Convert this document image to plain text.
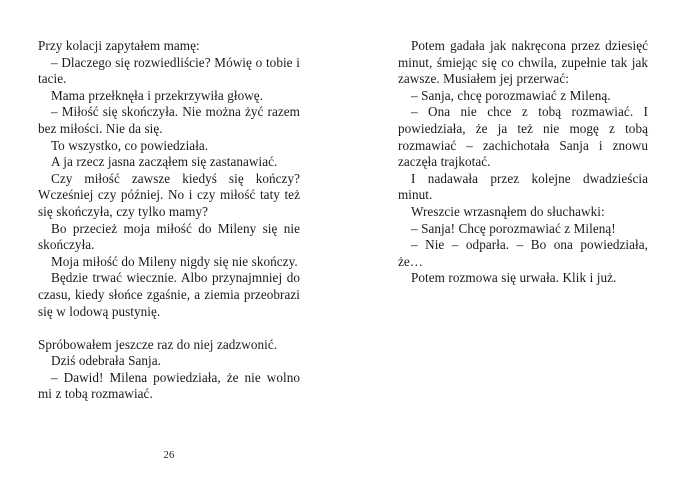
Przy kolacji zapytałem mamę:

– Dlaczego się rozwiedliście? Mówię o tobie i tacie.

Mama przełknęła i przekrzywiła głowę.

– Miłość się skończyła. Nie można żyć razem bez miłości. Nie da się.

To wszystko, co powiedziała.

A ja rzecz jasna zacząłem się zastanawiać.

Czy miłość zawsze kiedyś się kończy? Wcześniej czy później. No i czy miłość taty też się skończyła, czy tylko mamy?

Bo przecież moja miłość do Mileny się nie skończyła.

Moja miłość do Mileny nigdy się nie skończy.

Będzie trwać wiecznie. Albo przynajmniej do czasu, kiedy słońce zgaśnie, a ziemia przeobrazi się w lodową pustynię.

Spróbowałem jeszcze raz do niej zadzwonić.

Dziś odebrała Sanja.

– Dawid! Milena powiedziała, że nie wolno mi z tobą rozmawiać.

Potem gadała jak nakręcona przez dziesięć minut, śmiejąc się co chwila, zupełnie tak jak zawsze. Musiałem jej przerwać:

– Sanja, chcę porozmawiać z Mileną.

– Ona nie chce z tobą rozmawiać. I powiedziała, że ja też nie mogę z tobą rozmawiać – zachichotała Sanja i znowu zaczęła trajkotać.

I nadawała przez kolejne dwadzieścia minut.

Wreszcie wrzasnąłem do słuchawki:

– Sanja! Chcę porozmawiać z Mileną!

– Nie – odparła. – Bo ona powiedziała, że…

Potem rozmowa się urwała. Klik i już.

26
